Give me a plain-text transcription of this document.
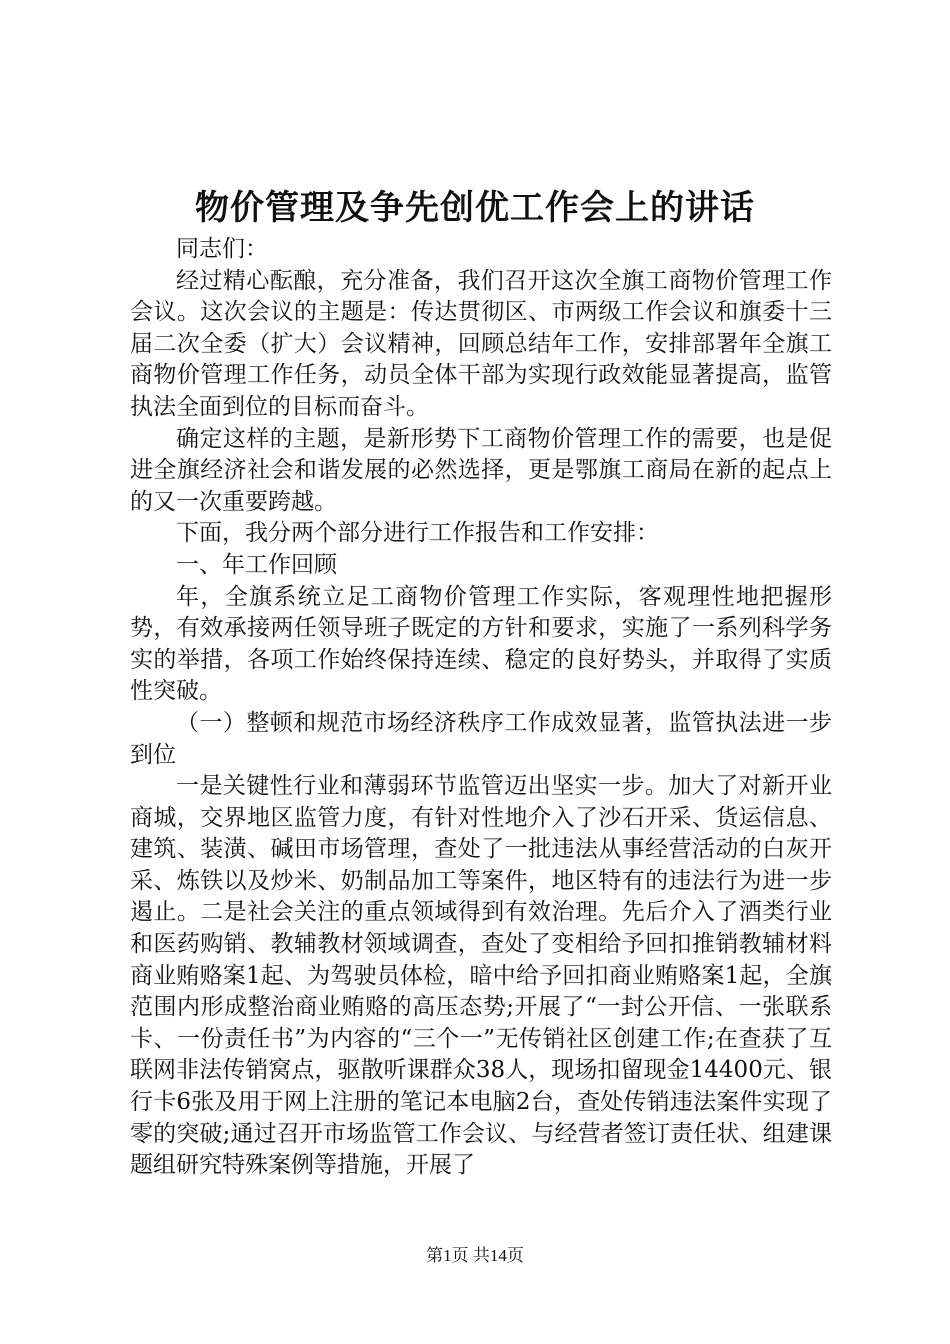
物价管理及争先创优工作会上的讲话

同志们：

经过精心酝酿，充分准备，我们召开这次全旗工商物价管理工作会议。这次会议的主题是：传达贯彻区、市两级工作会议和旗委十三届二次全委（扩大）会议精神，回顾总结年工作，安排部署年全旗工商物价管理工作任务，动员全体干部为实现行政效能显著提高，监管执法全面到位的目标而奋斗。

确定这样的主题，是新形势下工商物价管理工作的需要，也是促进全旗经济社会和谐发展的必然选择，更是鄂旗工商局在新的起点上的又一次重要跨越。

下面，我分两个部分进行工作报告和工作安排：

一、年工作回顾

年，全旗系统立足工商物价管理工作实际，客观理性地把握形势，有效承接两任领导班子既定的方针和要求，实施了一系列科学务实的举措，各项工作始终保持连续、稳定的良好势头，并取得了实质性突破。

（一）整顿和规范市场经济秩序工作成效显著，监管执法进一步到位

一是关键性行业和薄弱环节监管迈出坚实一步。加大了对新开业商城，交界地区监管力度，有针对性地介入了沙石开采、货运信息、建筑、装潢、碱田市场管理，查处了一批违法从事经营活动的白灰开采、炼铁以及炒米、奶制品加工等案件，地区特有的违法行为进一步遏止。二是社会关注的重点领域得到有效治理。先后介入了酒类行业和医药购销、教辅教材领域调查，查处了变相给予回扣推销教辅材料商业贿赂案1起、为驾驶员体检，暗中给予回扣商业贿赂案1起，全旗范围内形成整治商业贿赂的高压态势;开展了“一封公开信、一张联系卡、一份责任书”为内容的“三个一”无传销社区创建工作;在查获了互联网非法传销窝点，驱散听课群众38人，现场扣留现金14400元、银行卡6张及用于网上注册的笔记本电脑2台，查处传销违法案件实现了零的突破;通过召开市场监管工作会议、与经营者签订责任状、组建课题组研究特殊案例等措施，开展了

第1页 共14页
